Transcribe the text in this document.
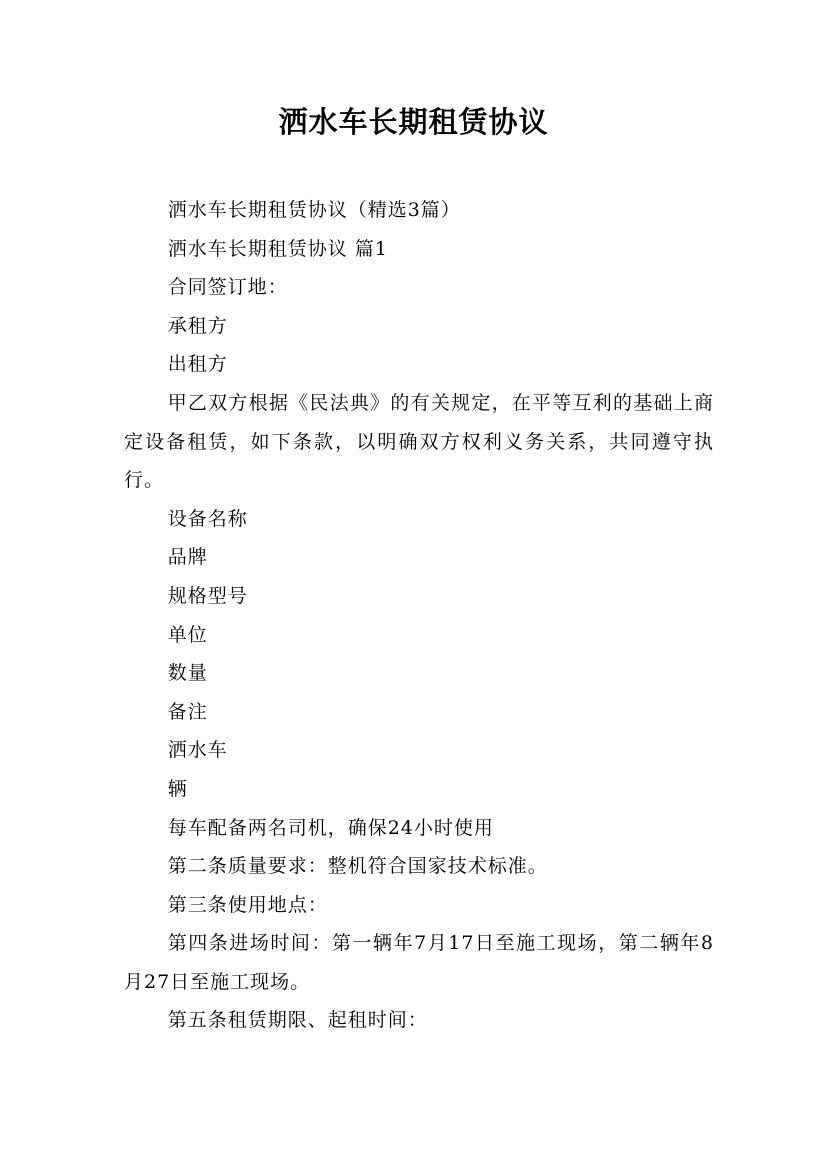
洒水车长期租赁协议

洒水车长期租赁协议（精选3篇）

洒水车长期租赁协议 篇1

合同签订地：

承租方

出租方

甲乙双方根据《民法典》的有关规定，在平等互利的基础上商定设备租赁，如下条款，以明确双方权利义务关系，共同遵守执行。

设备名称

品牌

规格型号

单位

数量

备注

洒水车

辆

每车配备两名司机，确保24小时使用

第二条质量要求：整机符合国家技术标准。

第三条使用地点：

第四条进场时间：第一辆年7月17日至施工现场，第二辆年8月27日至施工现场。

第五条租赁期限、起租时间：
